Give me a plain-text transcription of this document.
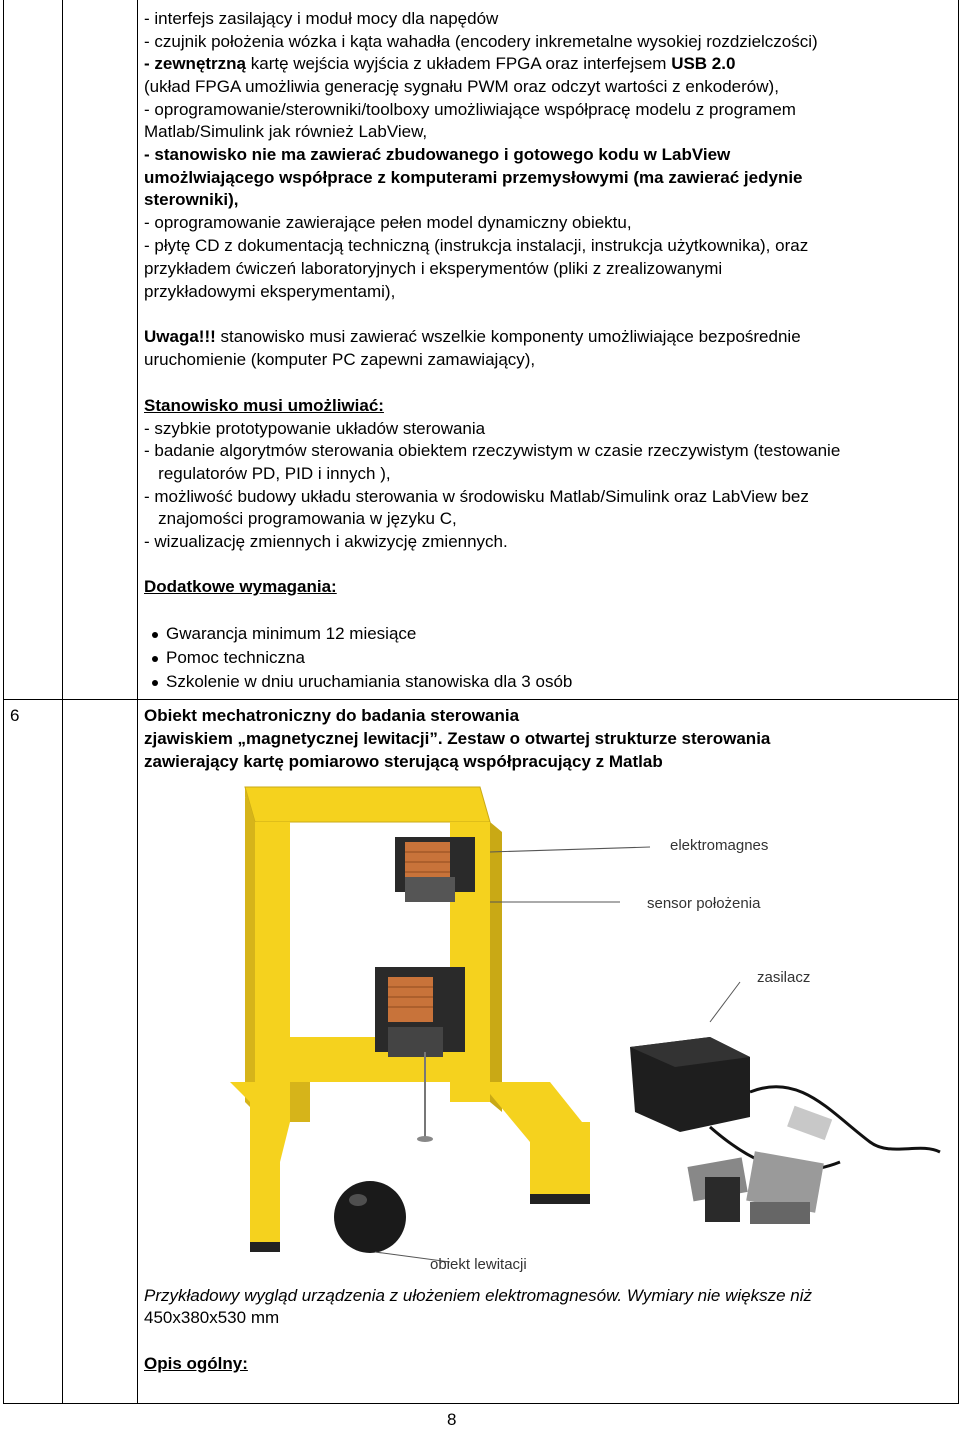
- interfejs zasilający i moduł mocy dla napędów
- czujnik położenia wózka i kąta wahadła (encodery inkremetalne wysokiej rozdzielczości)
- zewnętrzną kartę wejścia wyjścia z układem FPGA oraz interfejsem USB 2.0
(układ FPGA umożliwia generację sygnału PWM oraz odczyt wartości z enkoderów),
- oprogramowanie/sterowniki/toolboxy umożliwiające współpracę modelu z programem
Matlab/Simulink jak również LabView,
- stanowisko nie ma zawierać zbudowanego i gotowego kodu w LabView
umożlwiającego współprace z komputerami przemysłowymi (ma zawierać jedynie
sterowniki),
- oprogramowanie zawierające pełen model dynamiczny obiektu,
- płytę CD z dokumentacją techniczną (instrukcja instalacji, instrukcja użytkownika), oraz
przykładem ćwiczeń laboratoryjnych i eksperymentów (pliki z zrealizowanymi
przykładowymi eksperymentami),
Uwaga!!! stanowisko musi zawierać wszelkie komponenty umożliwiające bezpośrednie
uruchomienie (komputer PC zapewni zamawiający),
Stanowisko musi umożliwiać:
- szybkie prototypowanie układów sterowania
- badanie algorytmów sterowania obiektem rzeczywistym w czasie rzeczywistym (testowanie
regulatorów PD, PID i innych ),
- możliwość budowy układu sterowania w środowisku Matlab/Simulink oraz LabView bez
znajomości programowania w języku C,
- wizualizację zmiennych i akwizycję zmiennych.
Dodatkowe wymagania:
Gwarancja minimum 12 miesiące
Pomoc techniczna
Szkolenie w dniu uruchamiania stanowiska dla 3 osób
6	Obiekt mechatroniczny do badania sterowania
zjawiskiem „magnetycznej lewitacji”. Zestaw o otwartej strukturze sterowania
zawierający kartę pomiarowo sterującą współpracujący z Matlab
elektromagnes
sensor położenia
zasilacz
obiekt lewitacji
Przykładowy wygląd urządzenia z ułożeniem elektromagnesów. Wymiary nie większe niż
450x380x530 mm
Opis ogólny:
8
